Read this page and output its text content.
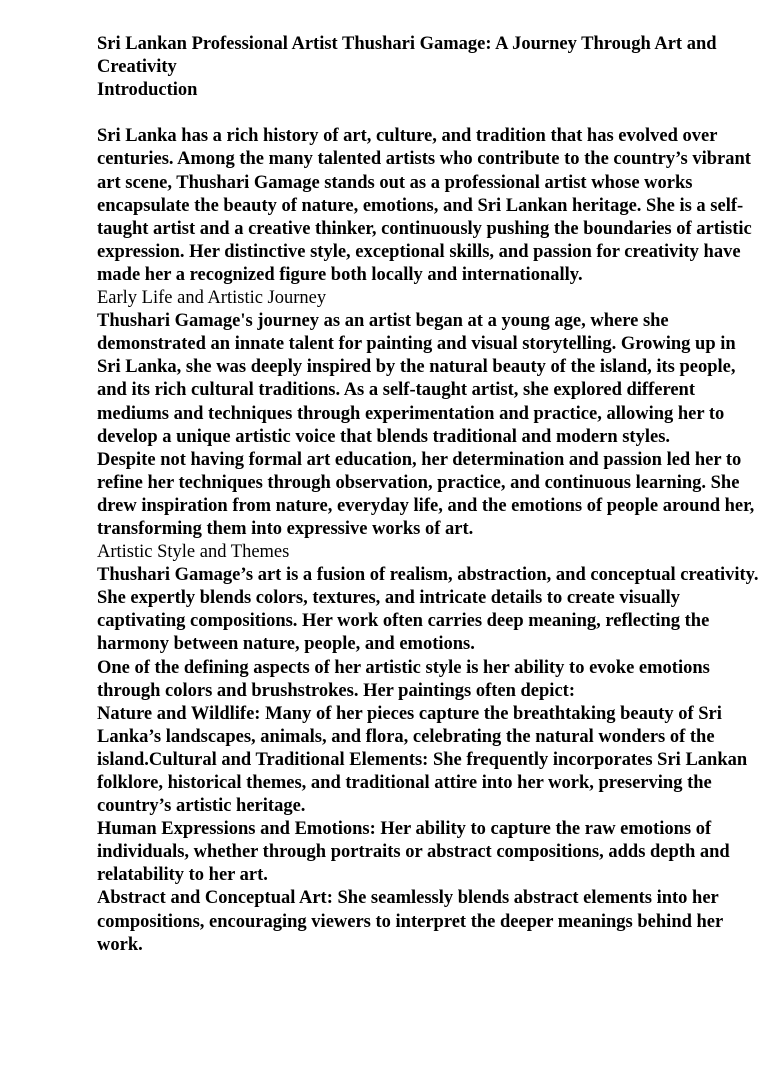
Sri Lankan Professional Artist Thushari Gamage: A Journey Through Art and Creativity

Introduction

Sri Lanka has a rich history of art, culture, and tradition that has evolved over centuries. Among the many talented artists who contribute to the country’s vibrant art scene, Thushari Gamage stands out as a professional artist whose works encapsulate the beauty of nature, emotions, and Sri Lankan heritage. She is a self-taught artist and a creative thinker, continuously pushing the boundaries of artistic expression. Her distinctive style, exceptional skills, and passion for creativity have made her a recognized figure both locally and internationally.

Early Life and Artistic Journey

Thushari Gamage's journey as an artist began at a young age, where she demonstrated an innate talent for painting and visual storytelling. Growing up in Sri Lanka, she was deeply inspired by the natural beauty of the island, its people, and its rich cultural traditions. As a self-taught artist, she explored different mediums and techniques through experimentation and practice, allowing her to develop a unique artistic voice that blends traditional and modern styles.

Despite not having formal art education, her determination and passion led her to refine her techniques through observation, practice, and continuous learning. She drew inspiration from nature, everyday life, and the emotions of people around her, transforming them into expressive works of art.

Artistic Style and Themes

Thushari Gamage’s art is a fusion of realism, abstraction, and conceptual creativity. She expertly blends colors, textures, and intricate details to create visually captivating compositions. Her work often carries deep meaning, reflecting the harmony between nature, people, and emotions.

One of the defining aspects of her artistic style is her ability to evoke emotions through colors and brushstrokes. Her paintings often depict:

Nature and Wildlife: Many of her pieces capture the breathtaking beauty of Sri Lanka’s landscapes, animals, and flora, celebrating the natural wonders of the island.Cultural and Traditional Elements: She frequently incorporates Sri Lankan folklore, historical themes, and traditional attire into her work, preserving the country’s artistic heritage.

Human Expressions and Emotions: Her ability to capture the raw emotions of individuals, whether through portraits or abstract compositions, adds depth and relatability to her art.

Abstract and Conceptual Art: She seamlessly blends abstract elements into her compositions, encouraging viewers to interpret the deeper meanings behind her work.
